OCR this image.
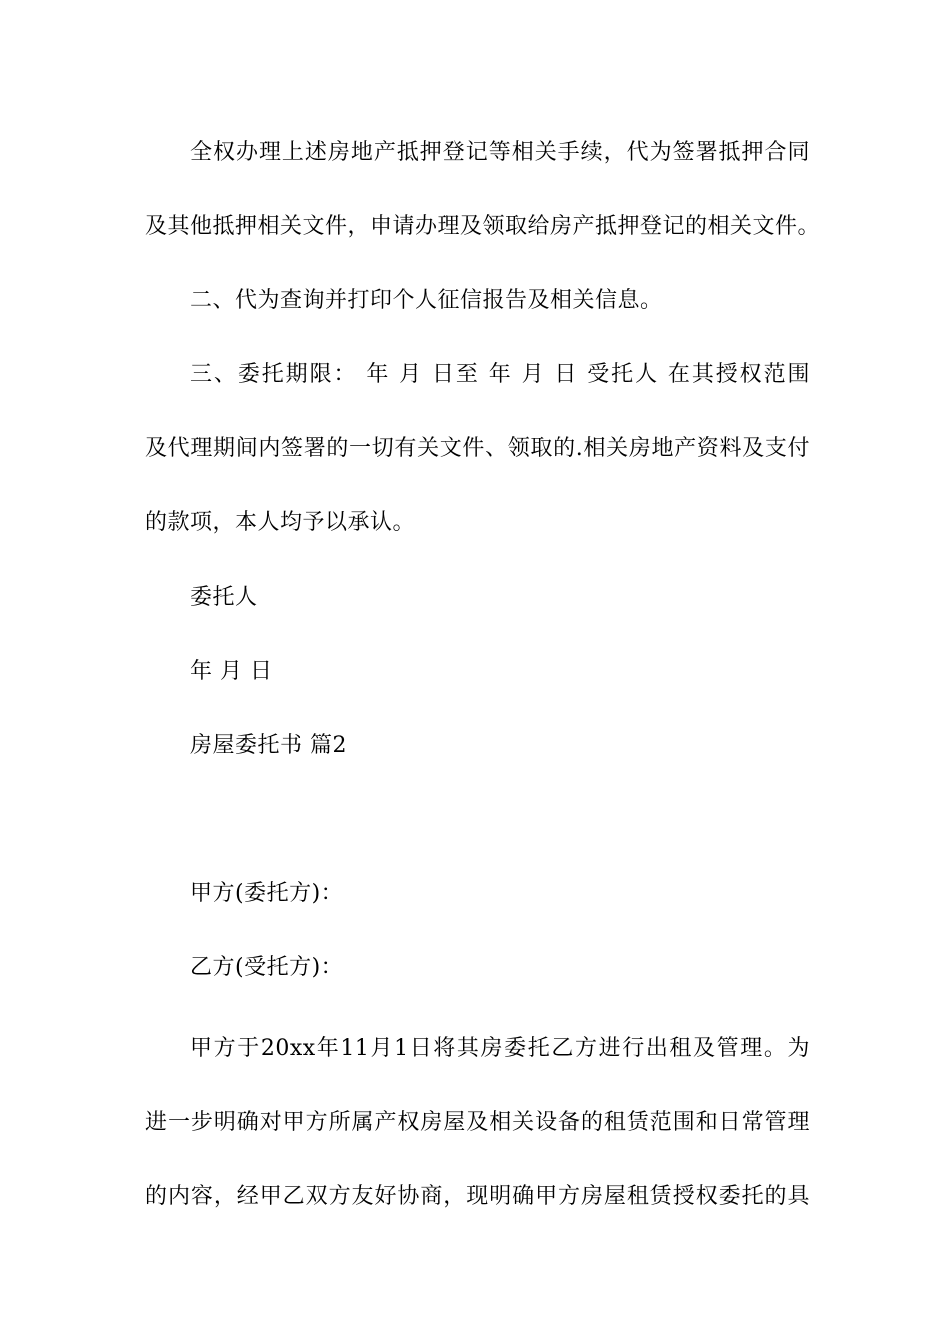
全权办理上述房地产抵押登记等相关手续，代为签署抵押合同
及其他抵押相关文件，申请办理及领取给房产抵押登记的相关文件。
二、代为查询并打印个人征信报告及相关信息。
三、委托期限： 年 月 日至 年 月 日 受托人 在其授权范围
及代理期间内签署的一切有关文件、领取的.相关房地产资料及支付
的款项，本人均予以承认。
委托人
年 月 日
房屋委托书 篇2
甲方(委托方)：
乙方(受托方)：
甲方于20xx年11月1日将其房委托乙方进行出租及管理。为
进一步明确对甲方所属产权房屋及相关设备的租赁范围和日常管理
的内容，经甲乙双方友好协商，现明确甲方房屋租赁授权委托的具
